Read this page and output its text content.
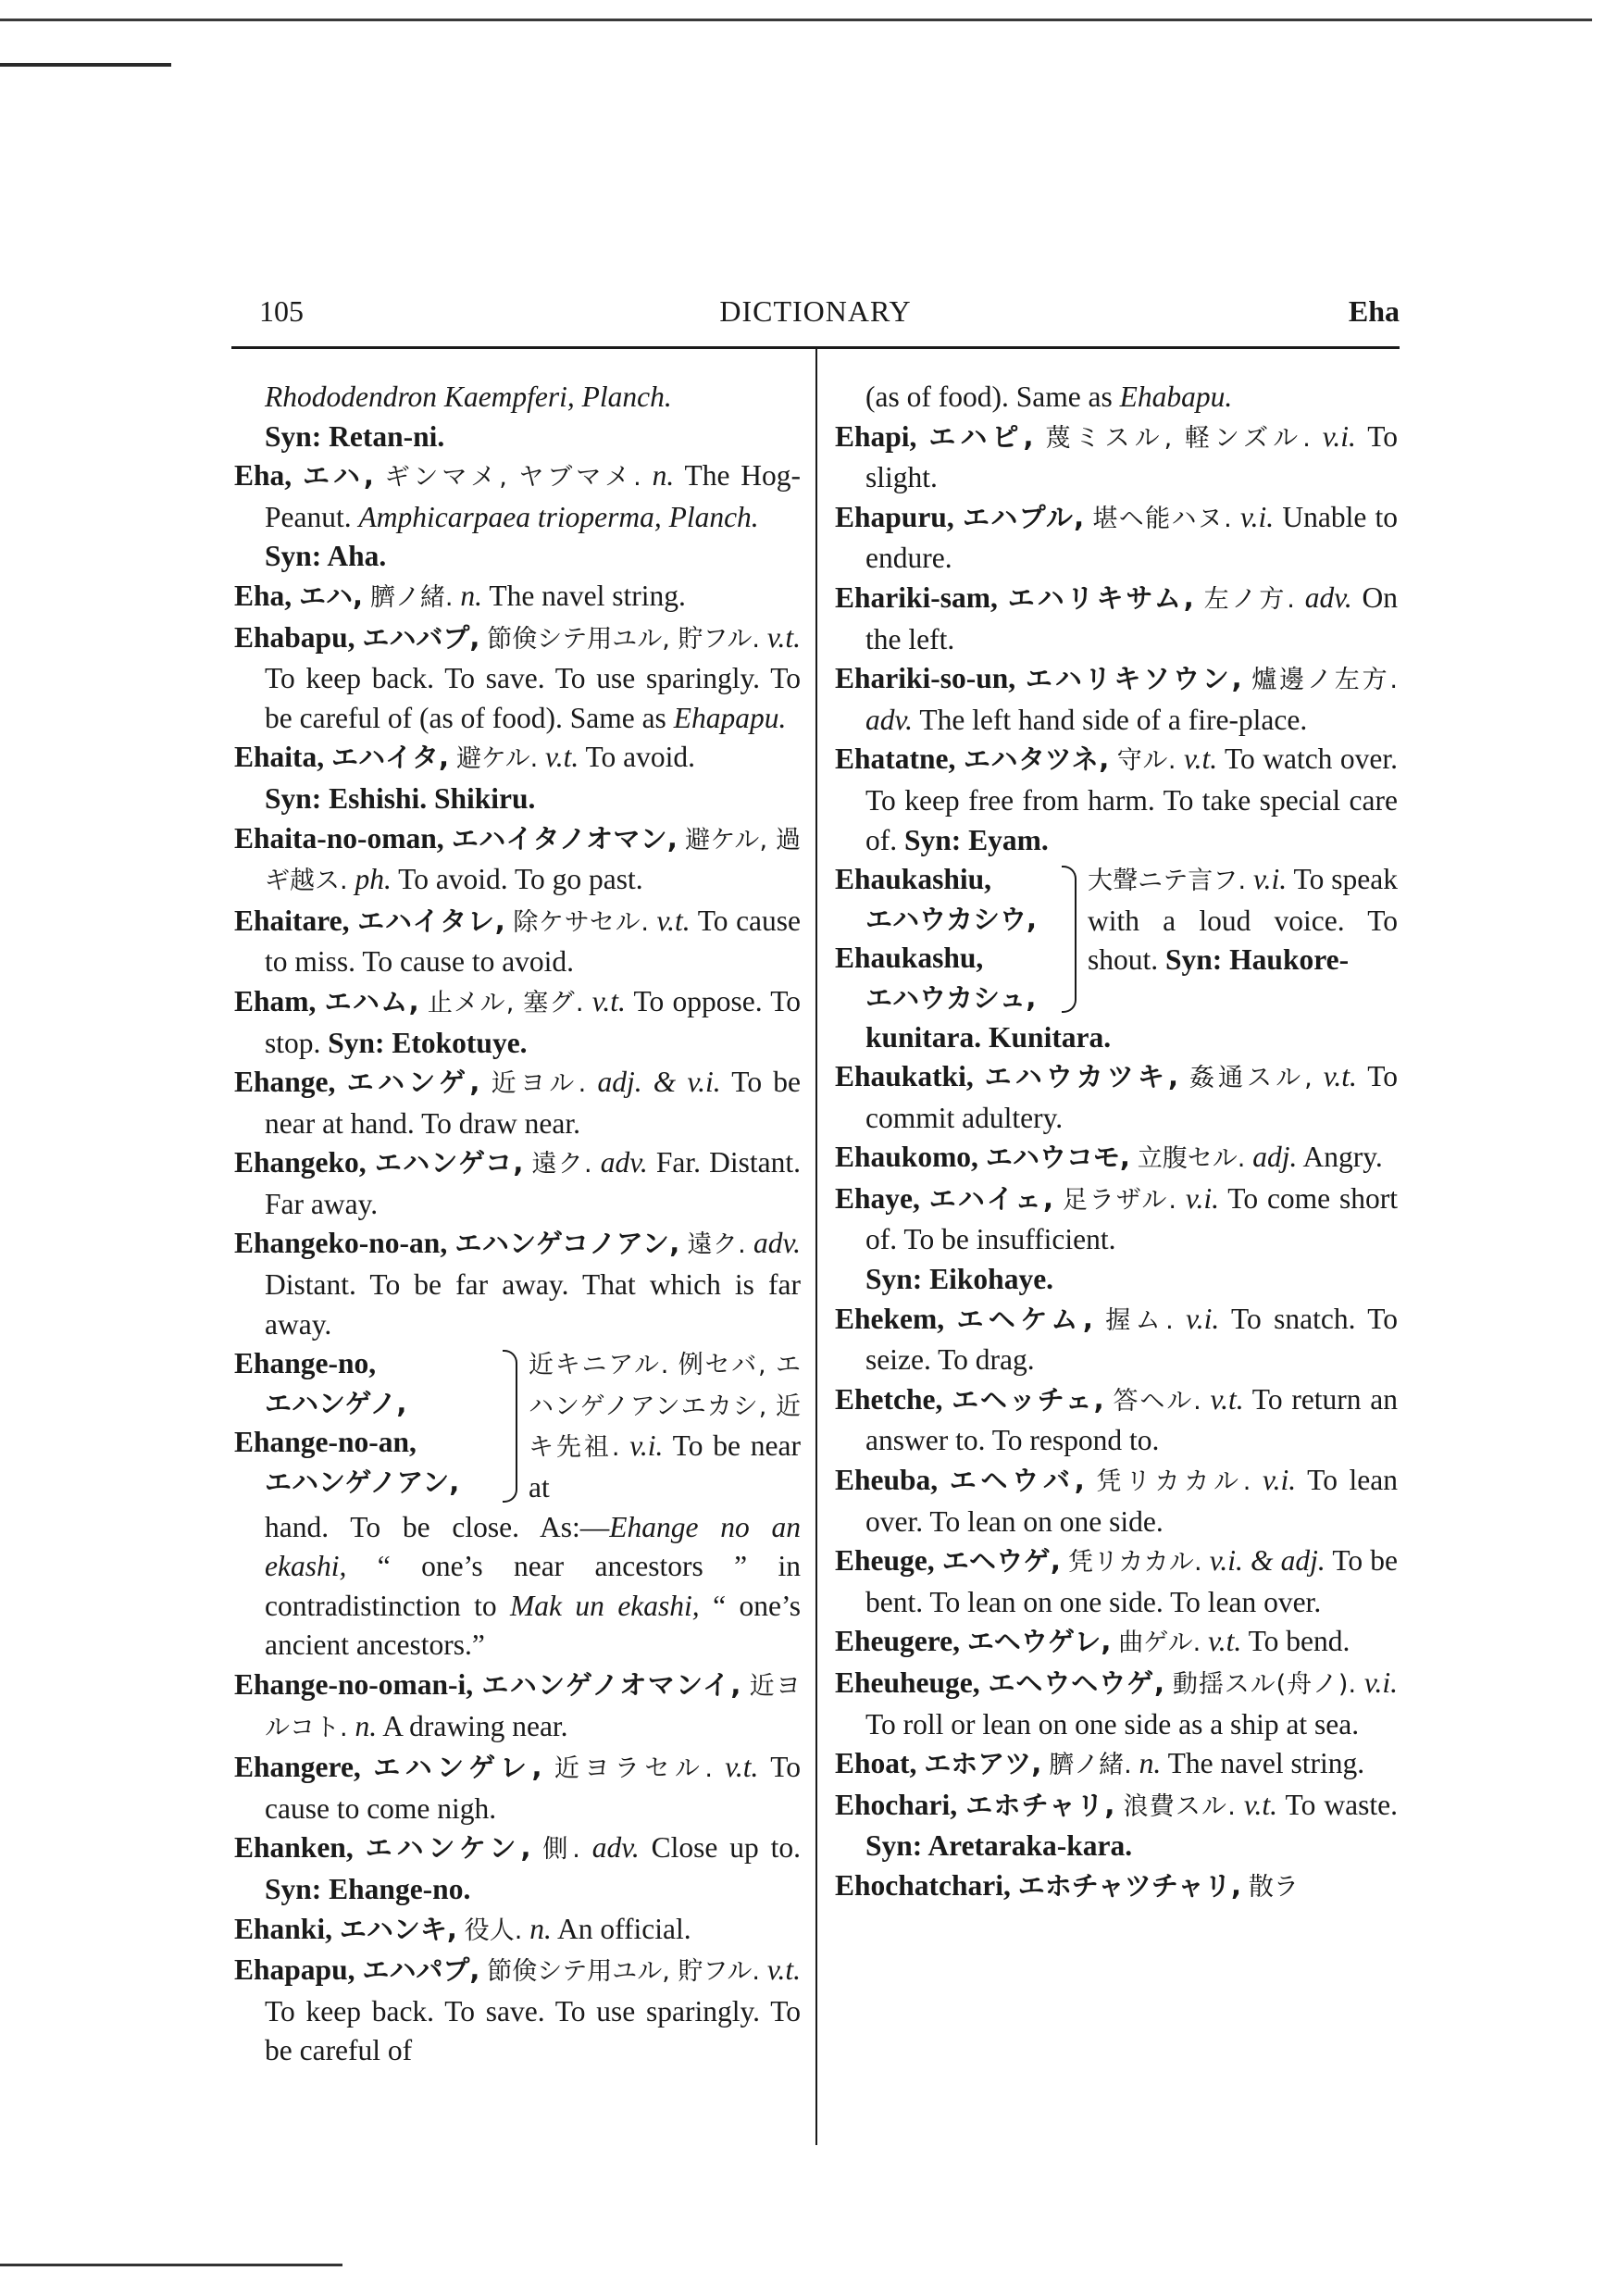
105	DICTIONARY	Eha

Rhododendron Kaempferi, Planch.

Syn: Retan-ni.

Eha, エハ, ギンマメ, ヤブマメ. n. The Hog-Peanut. Amphicarpaea trioperma, Planch.

Syn: Aha.

Eha, エハ, 臍ノ緒. n. The navel string.

Ehabapu, エハバプ, 節倹シテ用ユル, 貯フル. v.t. To keep back. To save. To use sparingly. To be careful of (as of food). Same as Ehapapu.

Ehaita, エハイタ, 避ケル. v.t. To avoid.

Syn: Eshishi. Shikiru.

Ehaita-no-oman, エハイタノオマン, 避ケル, 過ギ越ス. ph. To avoid. To go past.

Ehaitare, エハイタレ, 除ケサセル. v.t. To cause to miss. To cause to avoid.

Eham, エハム, 止メル, 塞グ. v.t. To oppose. To stop. Syn: Etokotuye.

Ehange, エハンゲ, 近ヨル. adj. & v.i. To be near at hand. To draw near.

Ehangeko, エハンゲコ, 遠ク. adv. Far. Distant. Far away.

Ehangeko-no-an, エハンゲコノアン, 遠ク. adv. Distant. To be far away. That which is far away.

Ehange-no,
エハンゲノ,
Ehange-no-an,
エハンゲノアン,
近キニアル. 例セバ, エハンゲノアンエカシ, 近キ先祖. v.i. To be near at

hand. To be close. As:—Ehange no an ekashi, “ one’s near ancestors ” in contradistinction to Mak un ekashi, “ one’s ancient ancestors.”

Ehange-no-oman-i, エハンゲノオマンイ, 近ヨルコト. n. A drawing near.

Ehangere, エハンゲレ, 近ヨラセル. v.t. To cause to come nigh.

Ehanken, エハンケン, 側. adv. Close up to. Syn: Ehange-no.

Ehanki, エハンキ, 役人. n. An official.

Ehapapu, エハパプ, 節倹シテ用ユル, 貯フル. v.t. To keep back. To save. To use sparingly. To be careful of

(as of food). Same as Ehabapu.

Ehapi, エハピ, 蔑ミスル, 軽ンズル. v.i. To slight.

Ehapuru, エハプル, 堪ヘ能ハヌ. v.i. Unable to endure.

Ehariki-sam, エハリキサム, 左ノ方. adv. On the left.

Ehariki-so-un, エハリキソウン, 爐邊ノ左方. adv. The left hand side of a fire-place.

Ehatatne, エハタツネ, 守ル. v.t. To watch over. To keep free from harm. To take special care of. Syn: Eyam.

Ehaukashiu,
エハウカシウ,
Ehaukashu,
エハウカシュ,
大聲ニテ言フ. v.i. To speak with a loud voice. To shout. Syn: Haukore-

kunitara. Kunitara.

Ehaukatki, エハウカツキ, 姦通スル, v.t. To commit adultery.

Ehaukomo, エハウコモ, 立腹セル. adj. Angry.

Ehaye, エハイェ, 足ラザル. v.i. To come short of. To be insufficient.

Syn: Eikohaye.

Ehekem, エヘケム, 握ム. v.i. To snatch. To seize. To drag.

Ehetche, エヘッチェ, 答ヘル. v.t. To return an answer to. To respond to.

Eheuba, エヘウバ, 凭リカカル. v.i. To lean over. To lean on one side.

Eheuge, エヘウゲ, 凭リカカル. v.i. & adj. To be bent. To lean on one side. To lean over.

Eheugere, エヘウゲレ, 曲ゲル. v.t. To bend.

Eheuheuge, エヘウヘウゲ, 動揺スル(舟ノ). v.i. To roll or lean on one side as a ship at sea.

Ehoat, エホアツ, 臍ノ緒. n. The navel string.

Ehochari, エホチャリ, 浪費スル. v.t. To waste. Syn: Aretaraka-kara.

Ehochatchari, エホチャツチャリ, 散ラ
